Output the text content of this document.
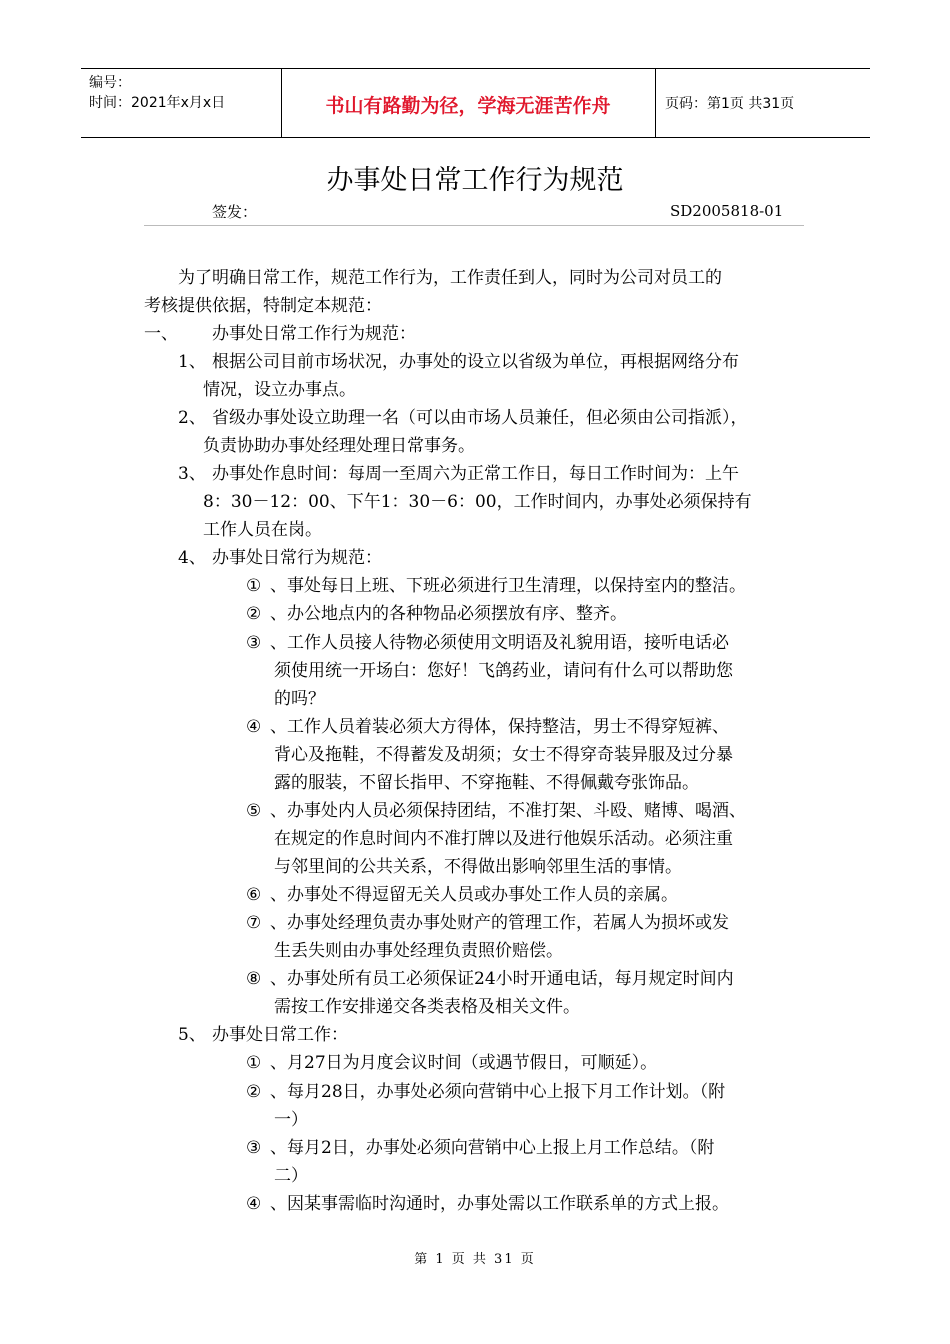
编号：
时间：2021年x月x日	书山有路勤为径，学海无涯苦作舟	页码：第1页 共31页
办事处日常工作行为规范
签发：	SD2005818-01
为了明确日常工作，规范工作行为，工作责任到人，同时为公司对员工的
考核提供依据，特制定本规范：
一、 办事处日常工作行为规范：
1、 根据公司目前市场状况，办事处的设立以省级为单位，再根据网络分布
情况，设立办事点。
2、 省级办事处设立助理一名（可以由市场人员兼任，但必须由公司指派），
负责协助办事处经理处理日常事务。
3、 办事处作息时间：每周一至周六为正常工作日，每日工作时间为：上午
8：30－12：00、下午1：30－6：00，工作时间内，办事处必须保持有
工作人员在岗。
4、 办事处日常行为规范：
① 、事处每日上班、下班必须进行卫生清理，以保持室内的整洁。
② 、办公地点内的各种物品必须摆放有序、整齐。
③ 、工作人员接人待物必须使用文明语及礼貌用语，接听电话必
须使用统一开场白：您好！飞鸽药业，请问有什么可以帮助您
的吗？
④ 、工作人员着装必须大方得体，保持整洁，男士不得穿短裤、
背心及拖鞋，不得蓄发及胡须；女士不得穿奇装异服及过分暴
露的服装，不留长指甲、不穿拖鞋、不得佩戴夸张饰品。
⑤ 、办事处内人员必须保持团结，不准打架、斗殴、赌博、喝酒、
在规定的作息时间内不准打牌以及进行他娱乐活动。必须注重
与邻里间的公共关系，不得做出影响邻里生活的事情。
⑥ 、办事处不得逗留无关人员或办事处工作人员的亲属。
⑦ 、办事处经理负责办事处财产的管理工作，若属人为损坏或发
生丢失则由办事处经理负责照价赔偿。
⑧ 、办事处所有员工必须保证24小时开通电话，每月规定时间内
需按工作安排递交各类表格及相关文件。
5、 办事处日常工作：
① 、月27日为月度会议时间（或遇节假日，可顺延）。
② 、每月28日，办事处必须向营销中心上报下月工作计划。（附
一）
③ 、每月2日，办事处必须向营销中心上报上月工作总结。（附
二）
④ 、因某事需临时沟通时，办事处需以工作联系单的方式上报。
第 1 页 共 31 页
